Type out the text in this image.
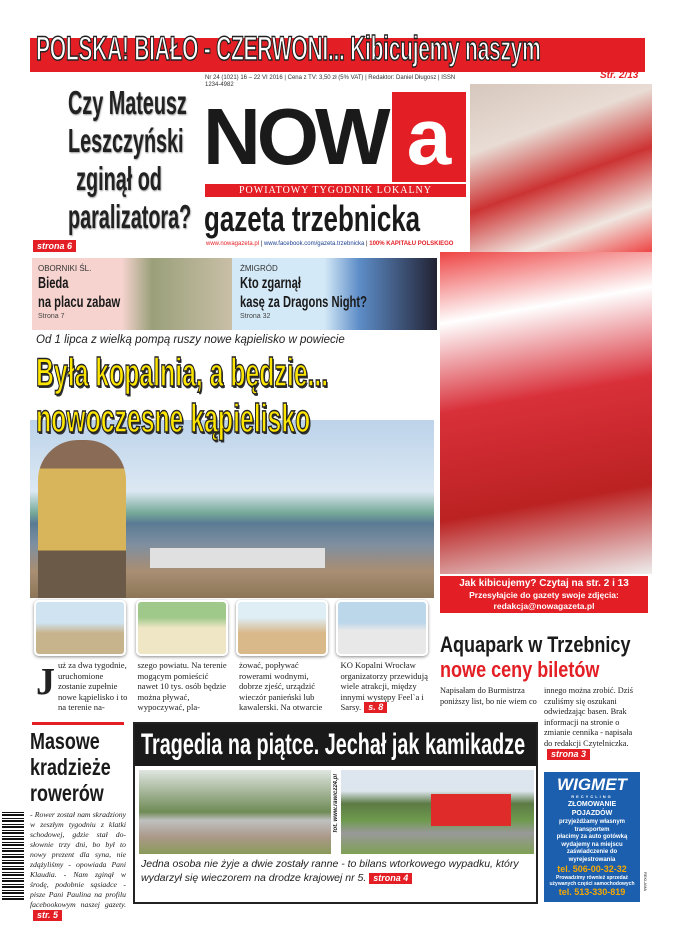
POLSKA! BIAŁO - CZERWONI... Kibicujemy naszym
Str. 2/13
Czy Mateusz
Leszczyński
zginął od
paralizatora?
strona 6
Nr 24 (1021) 16 – 22 VI 2016 | Cena z TV: 3,50 zł (5% VAT) | Redaktor: Daniel Długosz | ISSN 1234-4982
NOW a
POWIATOWY TYGODNIK LOKALNY
gazeta trzebnicka
www.nowagazeta.pl | www.facebook.com/gazeta.trzebnicka | 100% KAPITAŁU POLSKIEGO
OBORNIKI ŚL.
Bieda
na placu zabaw
Strona 7
ŻMIGRÓD
Kto zgarnął
kasę za Dragons Night?
Strona 32
Od 1 lipca z wielką pompą ruszy nowe kąpielisko w powiecie
Była kopalnia, a będzie...
nowoczesne kąpielisko
Już za dwa tygodnie, uruchomione zostanie zupełnie nowe kąpielisko i to na terenie na-
szego powiatu. Na terenie mogącym pomieścić nawet 10 tys. osób będzie można pływać, wypoczywać, pla-
żować, popływać rowerami wodnymi, dobrze zjeść, urządzić wieczór panieński lub kawalerski. Na otwarcie
KO Kopalni Wrocław organizatorzy przewidują wiele atrakcji, między innymi występy Feel`a i Sarsy. s. 8
Jak kibicujemy? Czytaj na str. 2 i 13
Przesyłajcie do gazety swoje zdjęcia:
redakcja@nowagazeta.pl
Aquapark w Trzebnicy
nowe ceny biletów
Napisałam do Burmistrza poniższy list, bo nie wiem co
innego można zrobić. Dziś czuliśmy się oszukani odwiedzając basen. Brak informacji na stronie o zmianie cennika - napisała do redakcji Czytelniczka.strona 3
Masowe
kradzieże
rowerów

- Rower został nam skradziony w zeszłym tygodniu z klatki schodowej, gdzie stał do-słownie trzy dni, bo był to nowy prezent dla syna, nie zdążyliśmy - opowiada Pani Klaudia. - Nam zginął w środę, podobnie sąsiadce - pisze Pani Paulina na profilu facebookowym naszej gazety.str. 5

Tragedia na piątce. Jechał jak kamikadze
fot. www.rawicz24.pl
Jedna osoba nie żyje a dwie zostały ranne - to bilans wtorkowego wypadku, który wydarzył się wieczorem na drodze krajowej nr 5. strona 4
WIGMET
RECYCLING
ZŁOMOWANIE POJAZDÓW
przyjeżdżamy własnym transportem
płacimy za auto gotówką
wydajemy na miejscu zaświadczenie do wyrejestrowania
tel. 506-00-32-32
Prowadzimy również sprzedaż używanych części samochodowych
tel. 513-330-819
REKLAMA
